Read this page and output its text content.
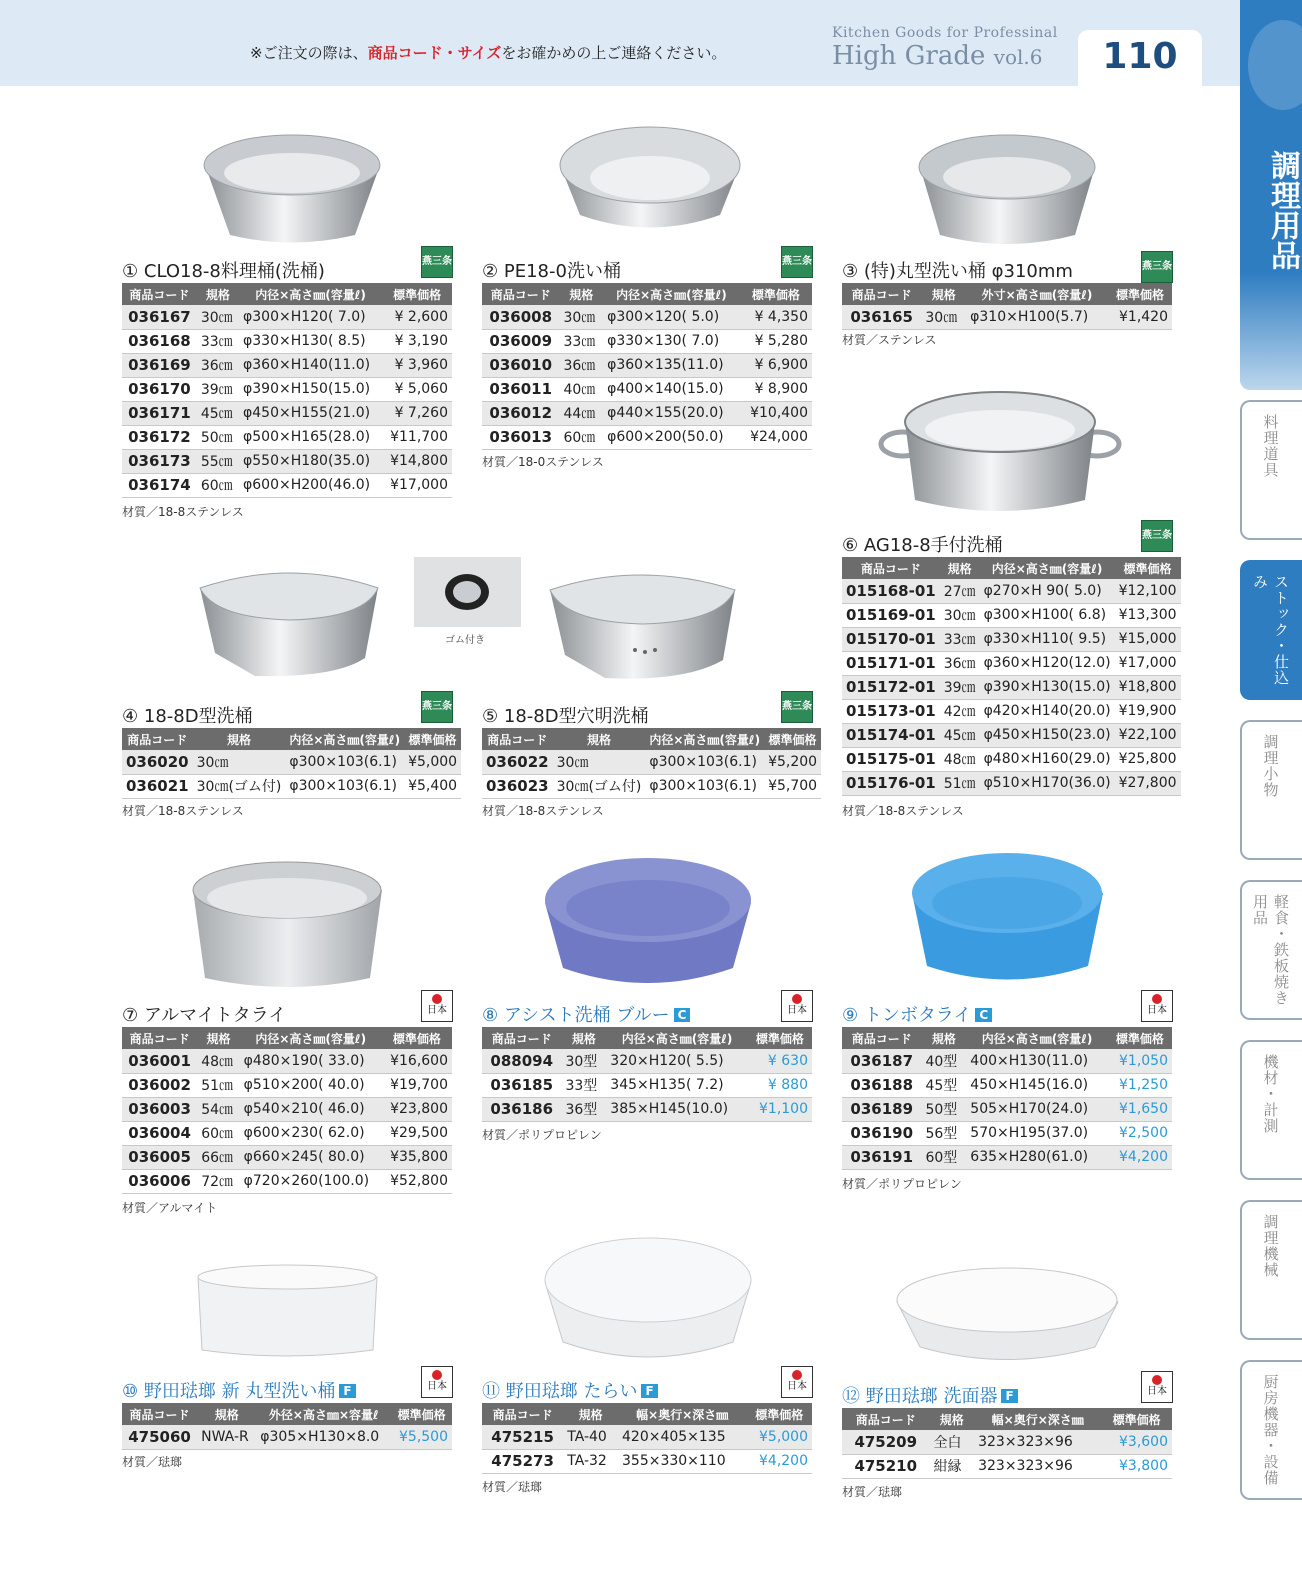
※ご注文の際は、商品コード・サイズをお確かめの上ご連絡ください。
Kitchen Goods for Professinal
High Grade vol.6	110
調理用品
料理道具
ストック・仕込み
調理小物
軽食・鉄板焼き用品
機材・計測
調理機械
厨房機器・設備
ゴム付き
① CLO18-8料理桶(洗桶)	燕三条
商品コード	規格	内径×高さ㎜(容量ℓ)	標準価格
036167	30㎝	φ300×H120( 7.0)	¥ 2,600
036168	33㎝	φ330×H130( 8.5)	¥ 3,190
036169	36㎝	φ360×H140(11.0)	¥ 3,960
036170	39㎝	φ390×H150(15.0)	¥ 5,060
036171	45㎝	φ450×H155(21.0)	¥ 7,260
036172	50㎝	φ500×H165(28.0)	¥11,700
036173	55㎝	φ550×H180(35.0)	¥14,800
036174	60㎝	φ600×H200(46.0)	¥17,000
材質／18-8ステンレス
② PE18-0洗い桶	燕三条
商品コード	規格	内径×高さ㎜(容量ℓ)	標準価格
036008	30㎝	φ300×120( 5.0)	¥ 4,350
036009	33㎝	φ330×130( 7.0)	¥ 5,280
036010	36㎝	φ360×135(11.0)	¥ 6,900
036011	40㎝	φ400×140(15.0)	¥ 8,900
036012	44㎝	φ440×155(20.0)	¥10,400
036013	60㎝	φ600×200(50.0)	¥24,000
材質／18-0ステンレス
③ (特)丸型洗い桶 φ310mm	燕三条
商品コード	規格	外寸×高さ㎜(容量ℓ)	標準価格
036165	30㎝	φ310×H100(5.7)	¥1,420
材質／ステンレス
⑥ AG18-8手付洗桶	燕三条
商品コード	規格	内径×高さ㎜(容量ℓ)	標準価格
015168-01	27㎝	φ270×H 90( 5.0)	¥12,100
015169-01	30㎝	φ300×H100( 6.8)	¥13,300
015170-01	33㎝	φ330×H110( 9.5)	¥15,000
015171-01	36㎝	φ360×H120(12.0)	¥17,000
015172-01	39㎝	φ390×H130(15.0)	¥18,800
015173-01	42㎝	φ420×H140(20.0)	¥19,900
015174-01	45㎝	φ450×H150(23.0)	¥22,100
015175-01	48㎝	φ480×H160(29.0)	¥25,800
015176-01	51㎝	φ510×H170(36.0)	¥27,800
材質／18-8ステンレス
④ 18-8D型洗桶	燕三条
商品コード	規格	内径×高さ㎜(容量ℓ)	標準価格
036020	30㎝	φ300×103(6.1)	¥5,000
036021	30㎝(ゴム付)	φ300×103(6.1)	¥5,400
材質／18-8ステンレス
⑤ 18-8D型穴明洗桶	燕三条
商品コード	規格	内径×高さ㎜(容量ℓ)	標準価格
036022	30㎝	φ300×103(6.1)	¥5,200
036023	30㎝(ゴム付)	φ300×103(6.1)	¥5,700
材質／18-8ステンレス
⑦ アルマイトタライ	日本
商品コード	規格	内径×高さ㎜(容量ℓ)	標準価格
036001	48㎝	φ480×190( 33.0)	¥16,600
036002	51㎝	φ510×200( 40.0)	¥19,700
036003	54㎝	φ540×210( 46.0)	¥23,800
036004	60㎝	φ600×230( 62.0)	¥29,500
036005	66㎝	φ660×245( 80.0)	¥35,800
036006	72㎝	φ720×260(100.0)	¥52,800
材質／アルマイト
⑧ アシスト洗桶 ブルー C	日本
商品コード	規格	内径×高さ㎜(容量ℓ)	標準価格
088094	30型	320×H120( 5.5)	¥ 630
036185	33型	345×H135( 7.2)	¥ 880
036186	36型	385×H145(10.0)	¥1,100
材質／ポリプロピレン
⑨ トンボタライ C	日本
商品コード	規格	内径×高さ㎜(容量ℓ)	標準価格
036187	40型	400×H130(11.0)	¥1,050
036188	45型	450×H145(16.0)	¥1,250
036189	50型	505×H170(24.0)	¥1,650
036190	56型	570×H195(37.0)	¥2,500
036191	60型	635×H280(61.0)	¥4,200
材質／ポリプロピレン
⑩ 野田琺瑯 新 丸型洗い桶 F	日本
商品コード	規格	外径×高さ㎜×容量ℓ	標準価格
475060	NWA-R	φ305×H130×8.0	¥5,500
材質／琺瑯
⑪ 野田琺瑯 たらい F	日本
商品コード	規格	幅×奥行×深さ㎜	標準価格
475215	TA-40	420×405×135	¥5,000
475273	TA-32	355×330×110	¥4,200
材質／琺瑯
⑫ 野田琺瑯 洗面器 F	日本
商品コード	規格	幅×奥行×深さ㎜	標準価格
475209	全白	323×323×96	¥3,600
475210	紺縁	323×323×96	¥3,800
材質／琺瑯
